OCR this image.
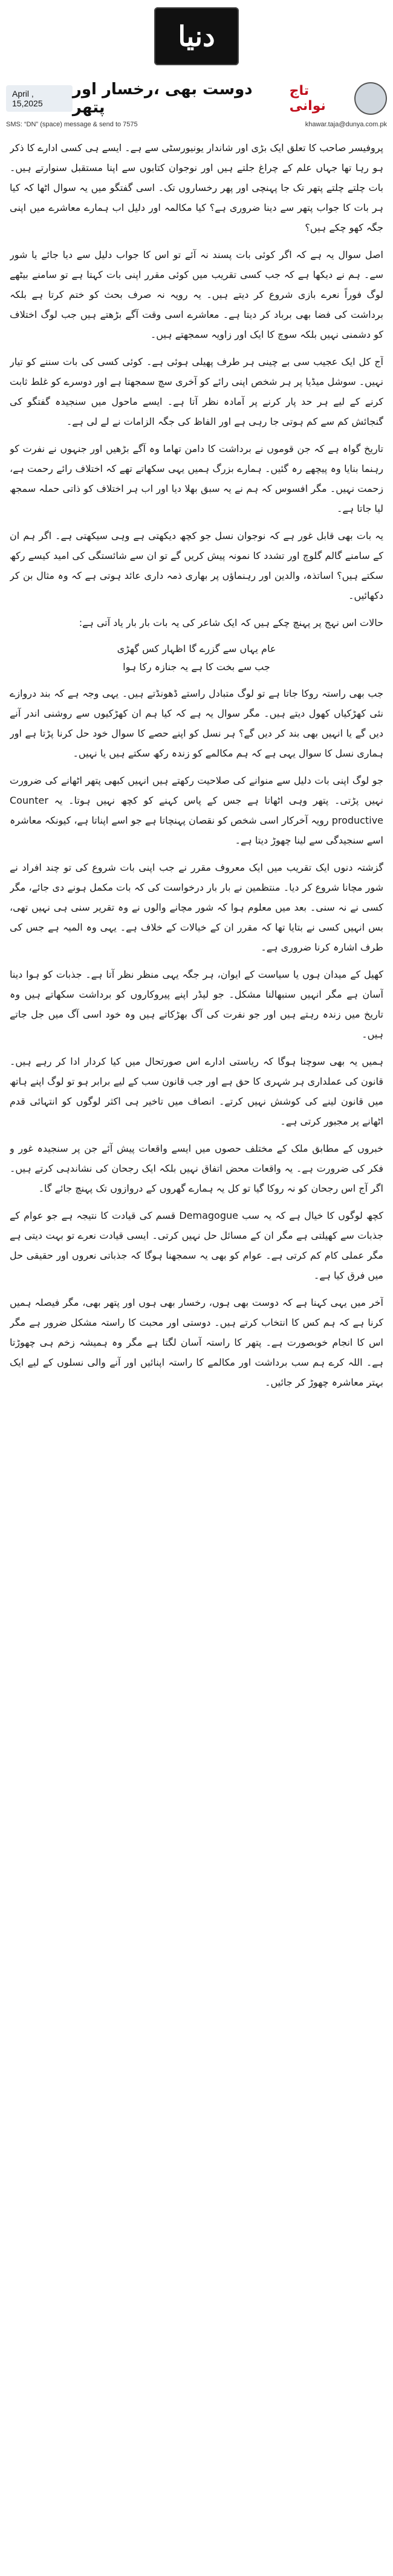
دنیا
April , 15,2025
دوست بھی ،رخسار اور پتھر
تاج نوانی
SMS: “DN” (space) message & send to 7575	khawar.taja@dunya.com.pk

پروفیسر صاحب کا تعلق ایک بڑی اور شاندار یونیورسٹی سے ہے۔ ایسے ہی کسی ادارے کا ذکر ہو رہا تھا جہاں علم کے چراغ جلتے ہیں اور نوجوان کتابوں سے اپنا مستقبل سنوارتے ہیں۔ بات چلتے چلتے پتھر تک جا پہنچی اور پھر رخساروں تک۔ اسی گفتگو میں یہ سوال اٹھا کہ کیا ہر بات کا جواب پتھر سے دینا ضروری ہے؟ کیا مکالمہ اور دلیل اب ہمارے معاشرے میں اپنی جگہ کھو چکے ہیں؟

اصل سوال یہ ہے کہ اگر کوئی بات پسند نہ آئے تو اس کا جواب دلیل سے دیا جائے یا شور سے۔ ہم نے دیکھا ہے کہ جب کسی تقریب میں کوئی مقرر اپنی بات کہتا ہے تو سامنے بیٹھے لوگ فوراً نعرے بازی شروع کر دیتے ہیں۔ یہ رویہ نہ صرف بحث کو ختم کرتا ہے بلکہ برداشت کی فضا بھی برباد کر دیتا ہے۔ معاشرے اسی وقت آگے بڑھتے ہیں جب لوگ اختلاف کو دشمنی نہیں بلکہ سوچ کا ایک اور زاویہ سمجھتے ہیں۔

آج کل ایک عجیب سی بے چینی ہر طرف پھیلی ہوئی ہے۔ کوئی کسی کی بات سننے کو تیار نہیں۔ سوشل میڈیا پر ہر شخص اپنی رائے کو آخری سچ سمجھتا ہے اور دوسرے کو غلط ثابت کرنے کے لیے ہر حد پار کرنے پر آمادہ نظر آتا ہے۔ ایسے ماحول میں سنجیدہ گفتگو کی گنجائش کم سے کم ہوتی جا رہی ہے اور الفاظ کی جگہ الزامات نے لے لی ہے۔

تاریخ گواہ ہے کہ جن قوموں نے برداشت کا دامن تھاما وہ آگے بڑھیں اور جنہوں نے نفرت کو رہنما بنایا وہ پیچھے رہ گئیں۔ ہمارے بزرگ ہمیں یہی سکھاتے تھے کہ اختلاف رائے رحمت ہے، زحمت نہیں۔ مگر افسوس کہ ہم نے یہ سبق بھلا دیا اور اب ہر اختلاف کو ذاتی حملہ سمجھ لیا جاتا ہے۔

یہ بات بھی قابل غور ہے کہ نوجوان نسل جو کچھ دیکھتی ہے وہی سیکھتی ہے۔ اگر ہم ان کے سامنے گالم گلوچ اور تشدد کا نمونہ پیش کریں گے تو ان سے شائستگی کی امید کیسے رکھ سکتے ہیں؟ اساتذہ، والدین اور رہنماؤں پر بھاری ذمہ داری عائد ہوتی ہے کہ وہ مثال بن کر دکھائیں۔

حالات اس نہج پر پہنچ چکے ہیں کہ ایک شاعر کی یہ بات بار بار یاد آتی ہے:

عام یہاں سے گزرے گا اظہار کس گھڑی
جب سے بخت کا ہے یہ جنازہ رکا ہوا

جب بھی راستہ روکا جاتا ہے تو لوگ متبادل راستے ڈھونڈتے ہیں۔ یہی وجہ ہے کہ بند دروازے نئی کھڑکیاں کھول دیتے ہیں۔ مگر سوال یہ ہے کہ کیا ہم ان کھڑکیوں سے روشنی اندر آنے دیں گے یا انہیں بھی بند کر دیں گے؟ ہر نسل کو اپنے حصے کا سوال خود حل کرنا پڑتا ہے اور ہماری نسل کا سوال یہی ہے کہ ہم مکالمے کو زندہ رکھ سکتے ہیں یا نہیں۔

جو لوگ اپنی بات دلیل سے منوانے کی صلاحیت رکھتے ہیں انہیں کبھی پتھر اٹھانے کی ضرورت نہیں پڑتی۔ پتھر وہی اٹھاتا ہے جس کے پاس کہنے کو کچھ نہیں ہوتا۔ یہ Counter productive رویہ آخرکار اسی شخص کو نقصان پہنچاتا ہے جو اسے اپناتا ہے، کیونکہ معاشرہ اسے سنجیدگی سے لینا چھوڑ دیتا ہے۔

گزشتہ دنوں ایک تقریب میں ایک معروف مقرر نے جب اپنی بات شروع کی تو چند افراد نے شور مچانا شروع کر دیا۔ منتظمین نے بار بار درخواست کی کہ بات مکمل ہونے دی جائے، مگر کسی نے نہ سنی۔ بعد میں معلوم ہوا کہ شور مچانے والوں نے وہ تقریر سنی ہی نہیں تھی، بس انہیں کسی نے بتایا تھا کہ مقرر ان کے خیالات کے خلاف ہے۔ یہی وہ المیہ ہے جس کی طرف اشارہ کرنا ضروری ہے۔

کھیل کے میدان ہوں یا سیاست کے ایوان، ہر جگہ یہی منظر نظر آتا ہے۔ جذبات کو ہوا دینا آسان ہے مگر انہیں سنبھالنا مشکل۔ جو لیڈر اپنے پیروکاروں کو برداشت سکھاتے ہیں وہ تاریخ میں زندہ رہتے ہیں اور جو نفرت کی آگ بھڑکاتے ہیں وہ خود اسی آگ میں جل جاتے ہیں۔

ہمیں یہ بھی سوچنا ہوگا کہ ریاستی ادارے اس صورتحال میں کیا کردار ادا کر رہے ہیں۔ قانون کی عملداری ہر شہری کا حق ہے اور جب قانون سب کے لیے برابر ہو تو لوگ اپنے ہاتھ میں قانون لینے کی کوشش نہیں کرتے۔ انصاف میں تاخیر ہی اکثر لوگوں کو انتہائی قدم اٹھانے پر مجبور کرتی ہے۔

خبروں کے مطابق ملک کے مختلف حصوں میں ایسے واقعات پیش آئے جن پر سنجیدہ غور و فکر کی ضرورت ہے۔ یہ واقعات محض اتفاق نہیں بلکہ ایک رجحان کی نشاندہی کرتے ہیں۔ اگر آج اس رجحان کو نہ روکا گیا تو کل یہ ہمارے گھروں کے دروازوں تک پہنچ جائے گا۔

کچھ لوگوں کا خیال ہے کہ یہ سب Demagogue قسم کی قیادت کا نتیجہ ہے جو عوام کے جذبات سے کھیلتی ہے مگر ان کے مسائل حل نہیں کرتی۔ ایسی قیادت نعرے تو بہت دیتی ہے مگر عملی کام کم کرتی ہے۔ عوام کو بھی یہ سمجھنا ہوگا کہ جذباتی نعروں اور حقیقی حل میں فرق کیا ہے۔

آخر میں یہی کہنا ہے کہ دوست بھی ہوں، رخسار بھی ہوں اور پتھر بھی، مگر فیصلہ ہمیں کرنا ہے کہ ہم کس کا انتخاب کرتے ہیں۔ دوستی اور محبت کا راستہ مشکل ضرور ہے مگر اس کا انجام خوبصورت ہے۔ پتھر کا راستہ آسان لگتا ہے مگر وہ ہمیشہ زخم ہی چھوڑتا ہے۔ اللہ کرے ہم سب برداشت اور مکالمے کا راستہ اپنائیں اور آنے والی نسلوں کے لیے ایک بہتر معاشرہ چھوڑ کر جائیں۔
